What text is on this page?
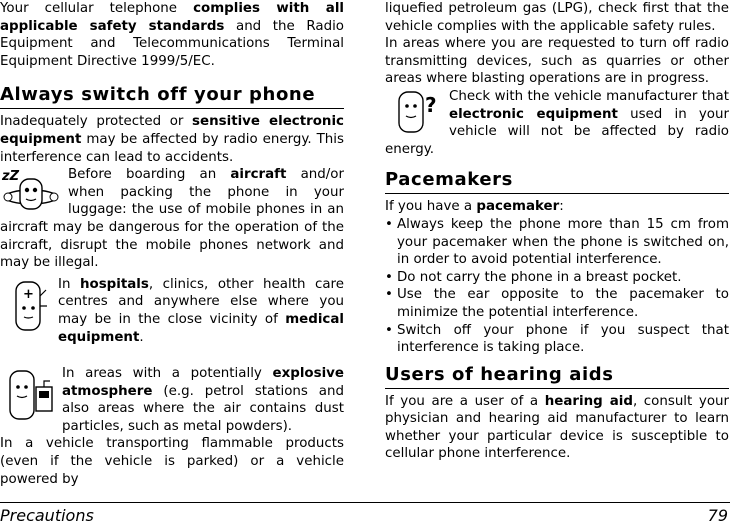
Your cellular telephone complies with all applicable safety standards and the Radio Equipment and Telecommunications Terminal Equipment Directive 1999/5/EC.

Always switch off your phone

Inadequately protected or sensitive electronic equipment may be affected by radio energy. This interference can lead to accidents.

zZ	Before boarding an aircraft and/or when packing the phone in your luggage: the use of mobile phones in an aircraft may be dangerous for the operation of the aircraft, disrupt the mobile phones network and may be illegal.

+
In hospitals, clinics, other health care centres and anywhere else where you may be in the close vicinity of medical equipment.

In areas with a potentially explosive atmosphere (e.g. petrol stations and also areas where the air contains dust particles, such as metal powders).

In a vehicle transporting flammable products (even if the vehicle is parked) or a vehicle powered by

liquefied petroleum gas (LPG), check first that the vehicle complies with the applicable safety rules.

In areas where you are requested to turn off radio transmitting devices, such as quarries or other areas where blasting operations are in progress.

? Check with the vehicle manufacturer that electronic equipment used in your vehicle will not be affected by radio energy.

Pacemakers

If you have a pacemaker:

• Always keep the phone more than 15 cm from your pacemaker when the phone is switched on, in order to avoid potential interference.
• Do not carry the phone in a breast pocket.
• Use the ear opposite to the pacemaker to minimize the potential interference.
• Switch off your phone if you suspect that interference is taking place.
Users of hearing aids

If you are a user of a hearing aid, consult your physician and hearing aid manufacturer to learn whether your particular device is susceptible to cellular phone interference.

Precautions	79
